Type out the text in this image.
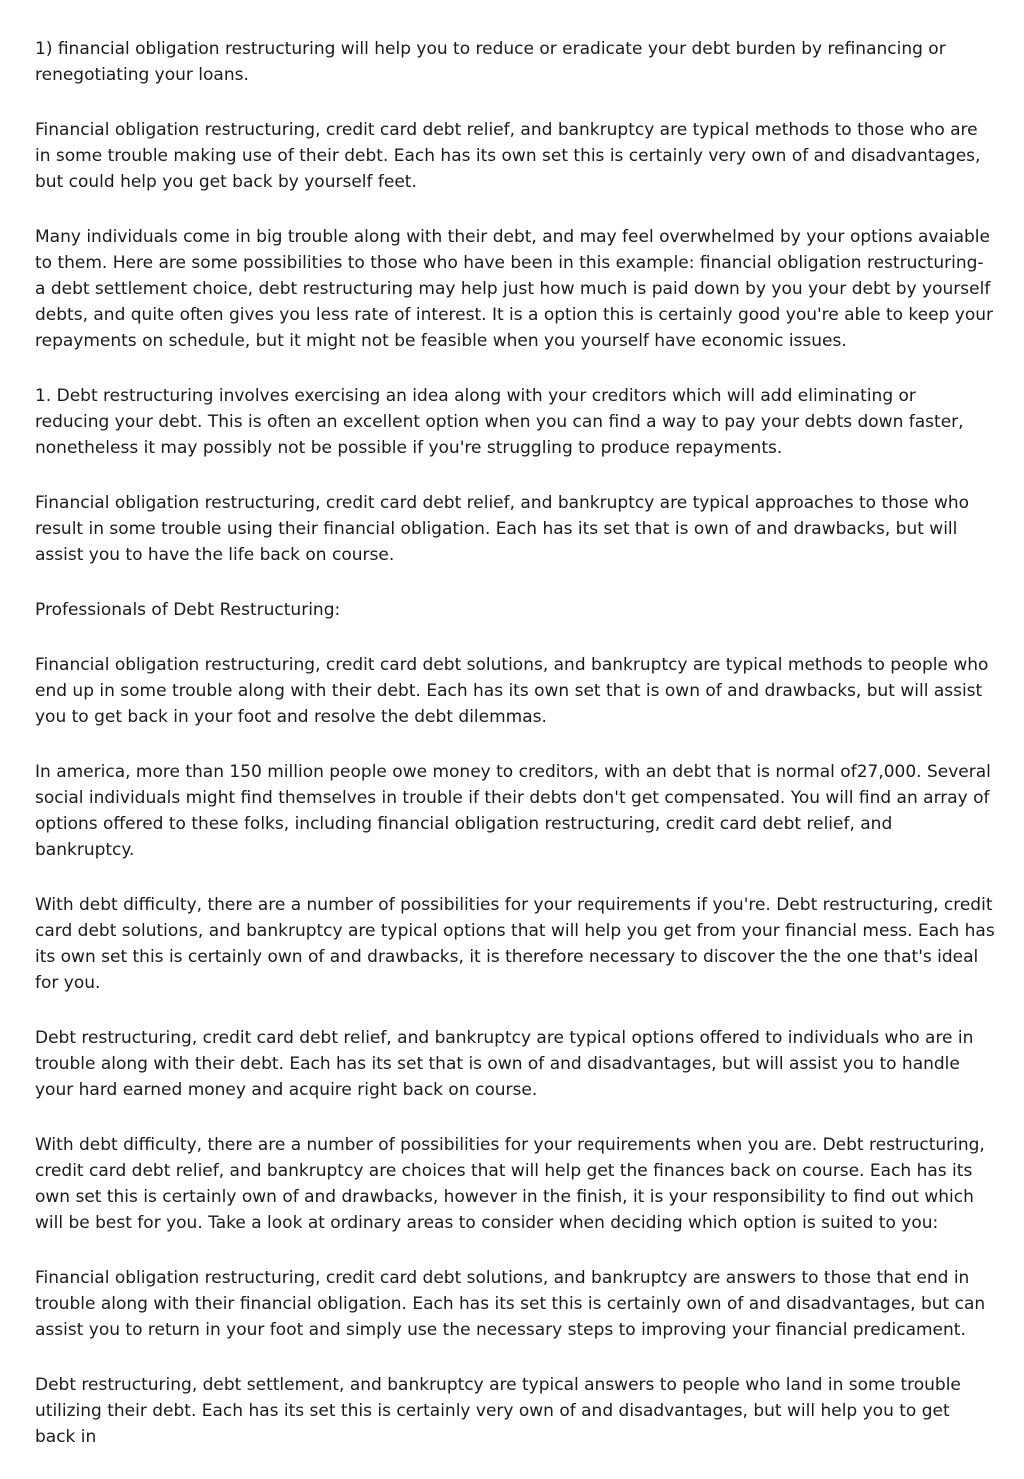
1) financial obligation restructuring will help you to reduce or eradicate your debt burden by refinancing or renegotiating your loans.

Financial obligation restructuring, credit card debt relief, and bankruptcy are typical methods to those who are in some trouble making use of their debt. Each has its own set this is certainly very own of and disadvantages, but could help you get back by yourself feet.

Many individuals come in big trouble along with their debt, and may feel overwhelmed by your options avaiable to them. Here are some possibilities to those who have been in this example: financial obligation restructuring- a debt settlement choice, debt restructuring may help just how much is paid down by you your debt by yourself debts, and quite often gives you less rate of interest. It is a option this is certainly good you're able to keep your repayments on schedule, but it might not be feasible when you yourself have economic issues.

1. Debt restructuring involves exercising an idea along with your creditors which will add eliminating or reducing your debt. This is often an excellent option when you can find a way to pay your debts down faster, nonetheless it may possibly not be possible if you're struggling to produce repayments.

Financial obligation restructuring, credit card debt relief, and bankruptcy are typical approaches to those who result in some trouble using their financial obligation. Each has its set that is own of and drawbacks, but will assist you to have the life back on course.

Professionals of Debt Restructuring:

Financial obligation restructuring, credit card debt solutions, and bankruptcy are typical methods to people who end up in some trouble along with their debt. Each has its own set that is own of and drawbacks, but will assist you to get back in your foot and resolve the debt dilemmas.

In america, more than 150 million people owe money to creditors, with an debt that is normal of27,000. Several social individuals might find themselves in trouble if their debts don't get compensated. You will find an array of options offered to these folks, including financial obligation restructuring, credit card debt relief, and bankruptcy.

With debt difficulty, there are a number of possibilities for your requirements if you're. Debt restructuring, credit card debt solutions, and bankruptcy are typical options that will help you get from your financial mess. Each has its own set this is certainly own of and drawbacks, it is therefore necessary to discover the the one that's ideal for you.

Debt restructuring, credit card debt relief, and bankruptcy are typical options offered to individuals who are in trouble along with their debt. Each has its set that is own of and disadvantages, but will assist you to handle your hard earned money and acquire right back on course.

With debt difficulty, there are a number of possibilities for your requirements when you are. Debt restructuring, credit card debt relief, and bankruptcy are choices that will help get the finances back on course. Each has its own set this is certainly own of and drawbacks, however in the finish, it is your responsibility to find out which will be best for you. Take a look at ordinary areas to consider when deciding which option is suited to you:

Financial obligation restructuring, credit card debt solutions, and bankruptcy are answers to those that end in trouble along with their financial obligation. Each has its set this is certainly own of and disadvantages, but can assist you to return in your foot and simply use the necessary steps to improving your financial predicament.

Debt restructuring, debt settlement, and bankruptcy are typical answers to people who land in some trouble utilizing their debt. Each has its set this is certainly very own of and disadvantages, but will help you to get back in
